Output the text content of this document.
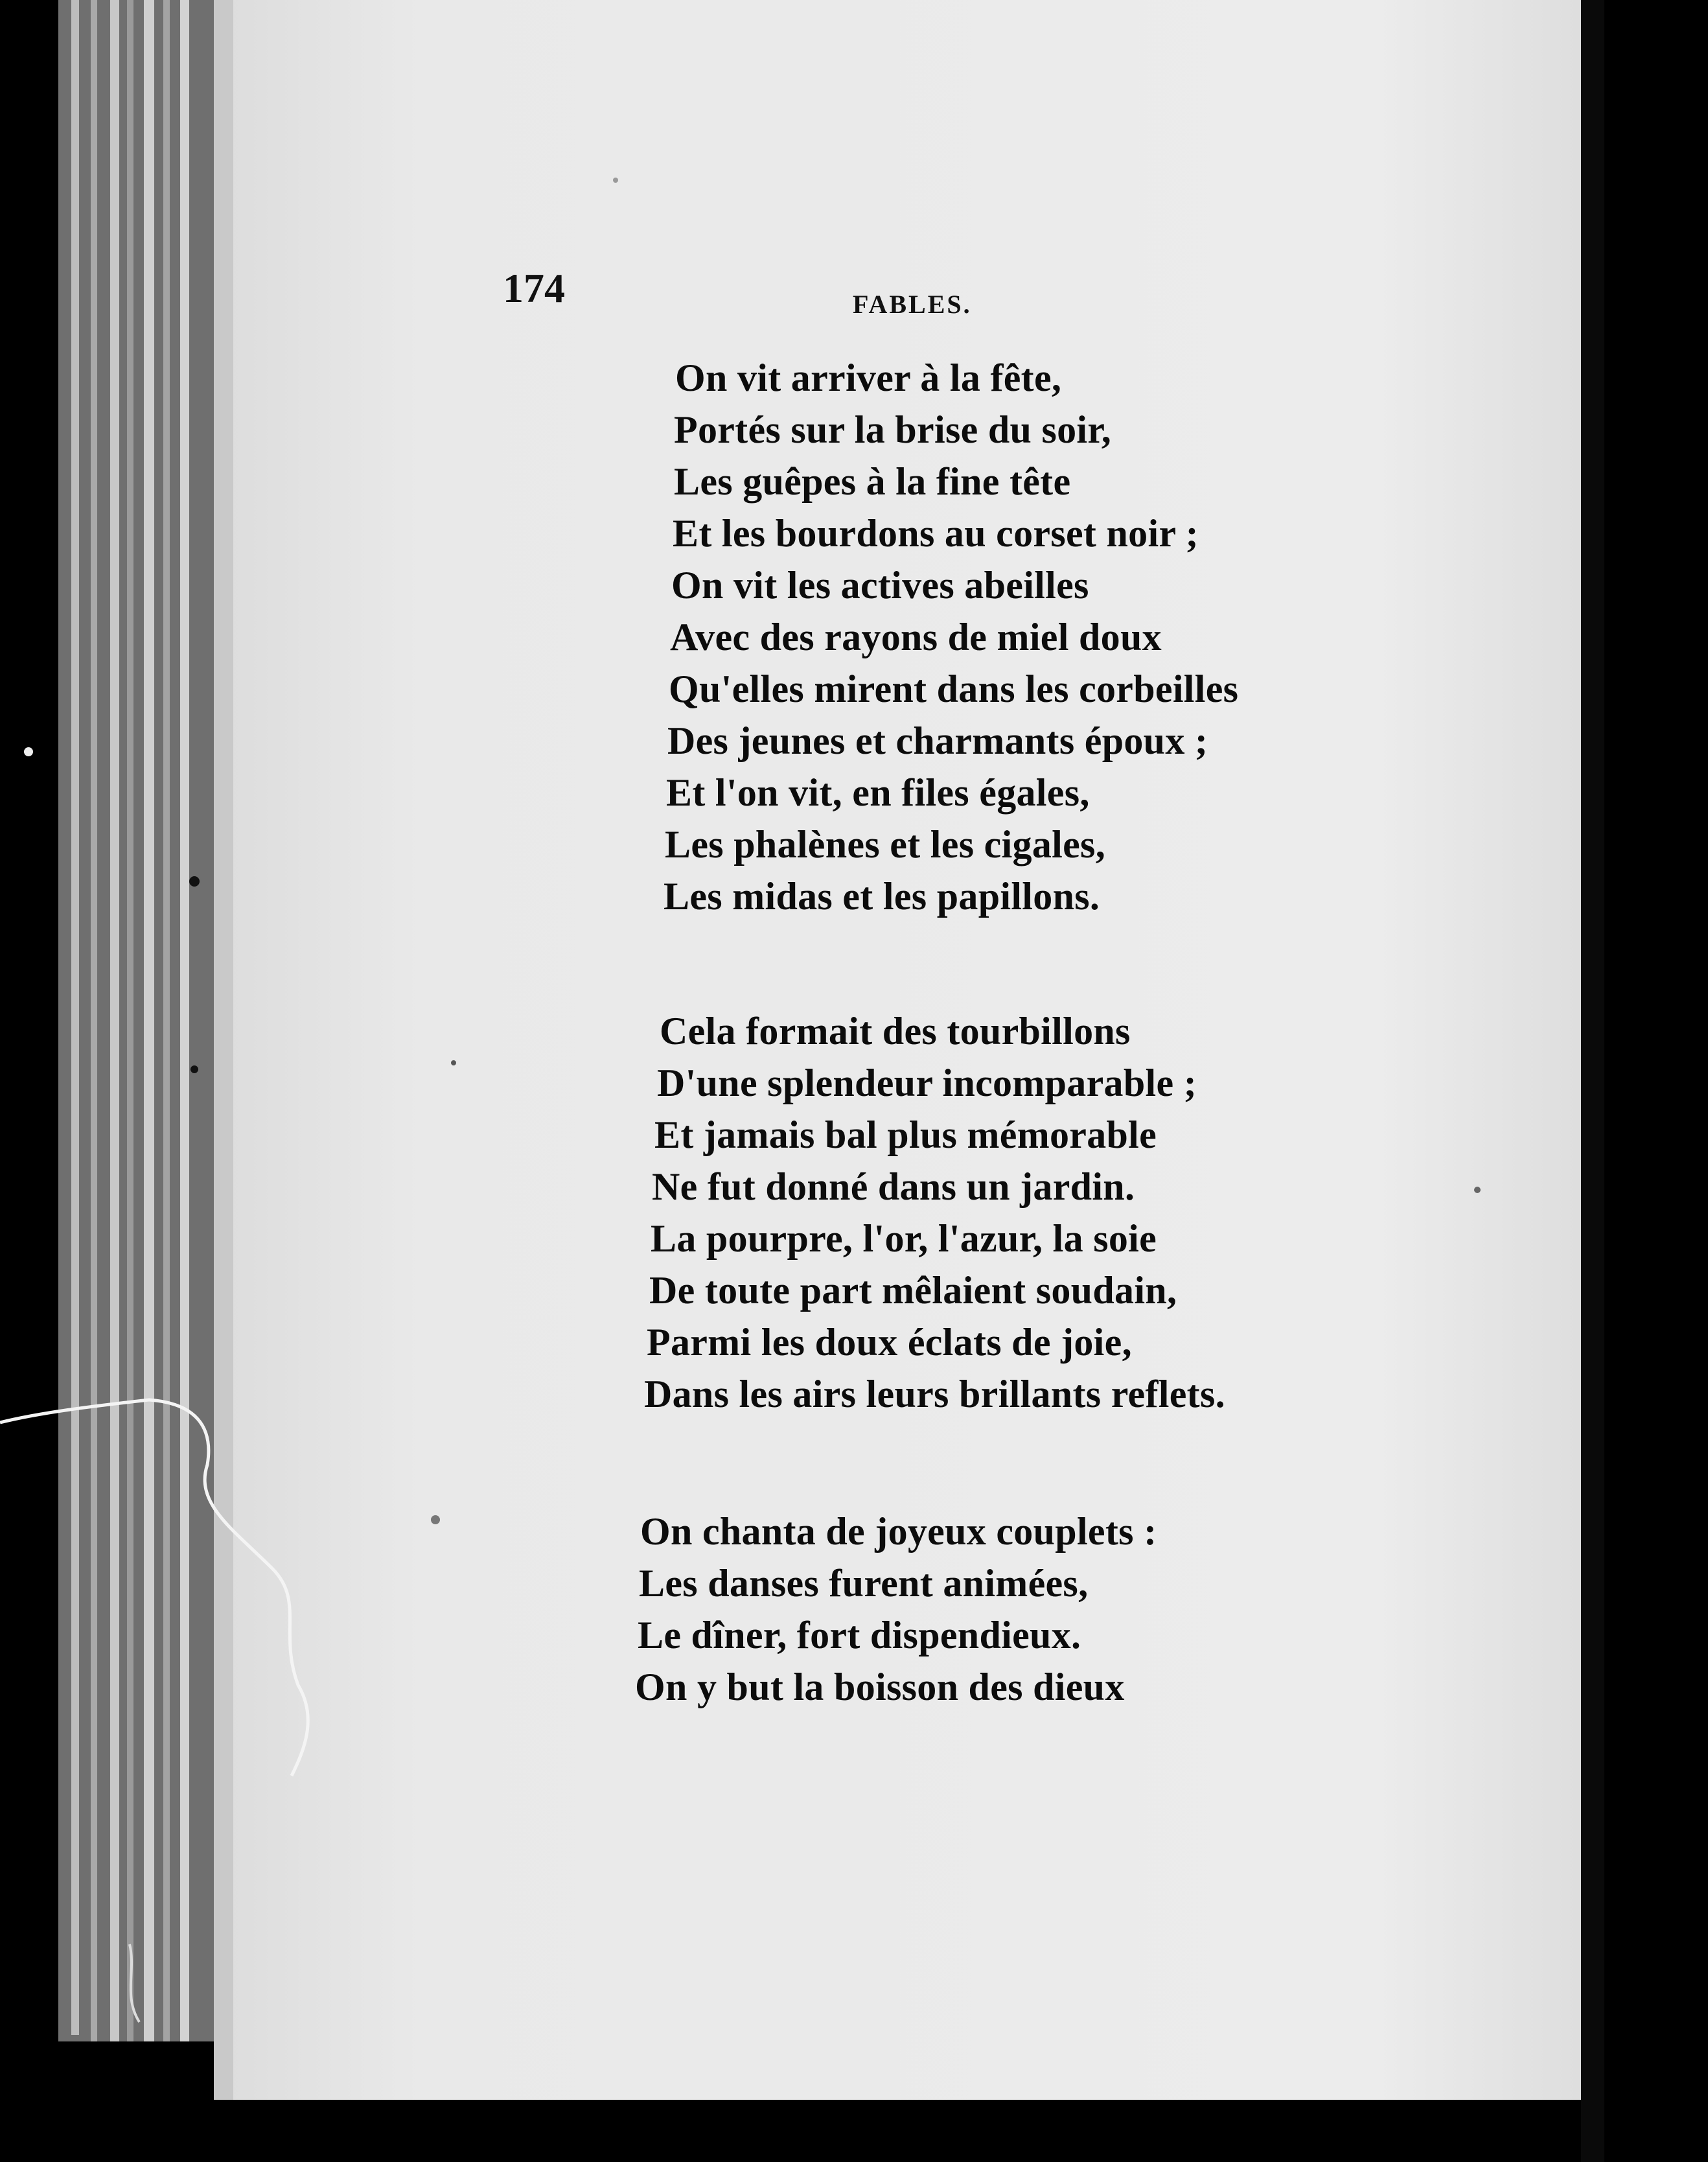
174	FABLES.
On vit arriver à la fête,
Portés sur la brise du soir,
Les guêpes à la fine tête
Et les bourdons au corset noir ;
On vit les actives abeilles
Avec des rayons de miel doux
Qu'elles mirent dans les corbeilles
Des jeunes et charmants époux ;
Et l'on vit, en files égales,
Les phalènes et les cigales,
Les midas et les papillons.
Cela formait des tourbillons
D'une splendeur incomparable ;
Et jamais bal plus mémorable
Ne fut donné dans un jardin.
La pourpre, l'or, l'azur, la soie
De toute part mêlaient soudain,
Parmi les doux éclats de joie,
Dans les airs leurs brillants reflets.
On chanta de joyeux couplets :
Les danses furent animées,
Le dîner, fort dispendieux.
On y but la boisson des dieux
